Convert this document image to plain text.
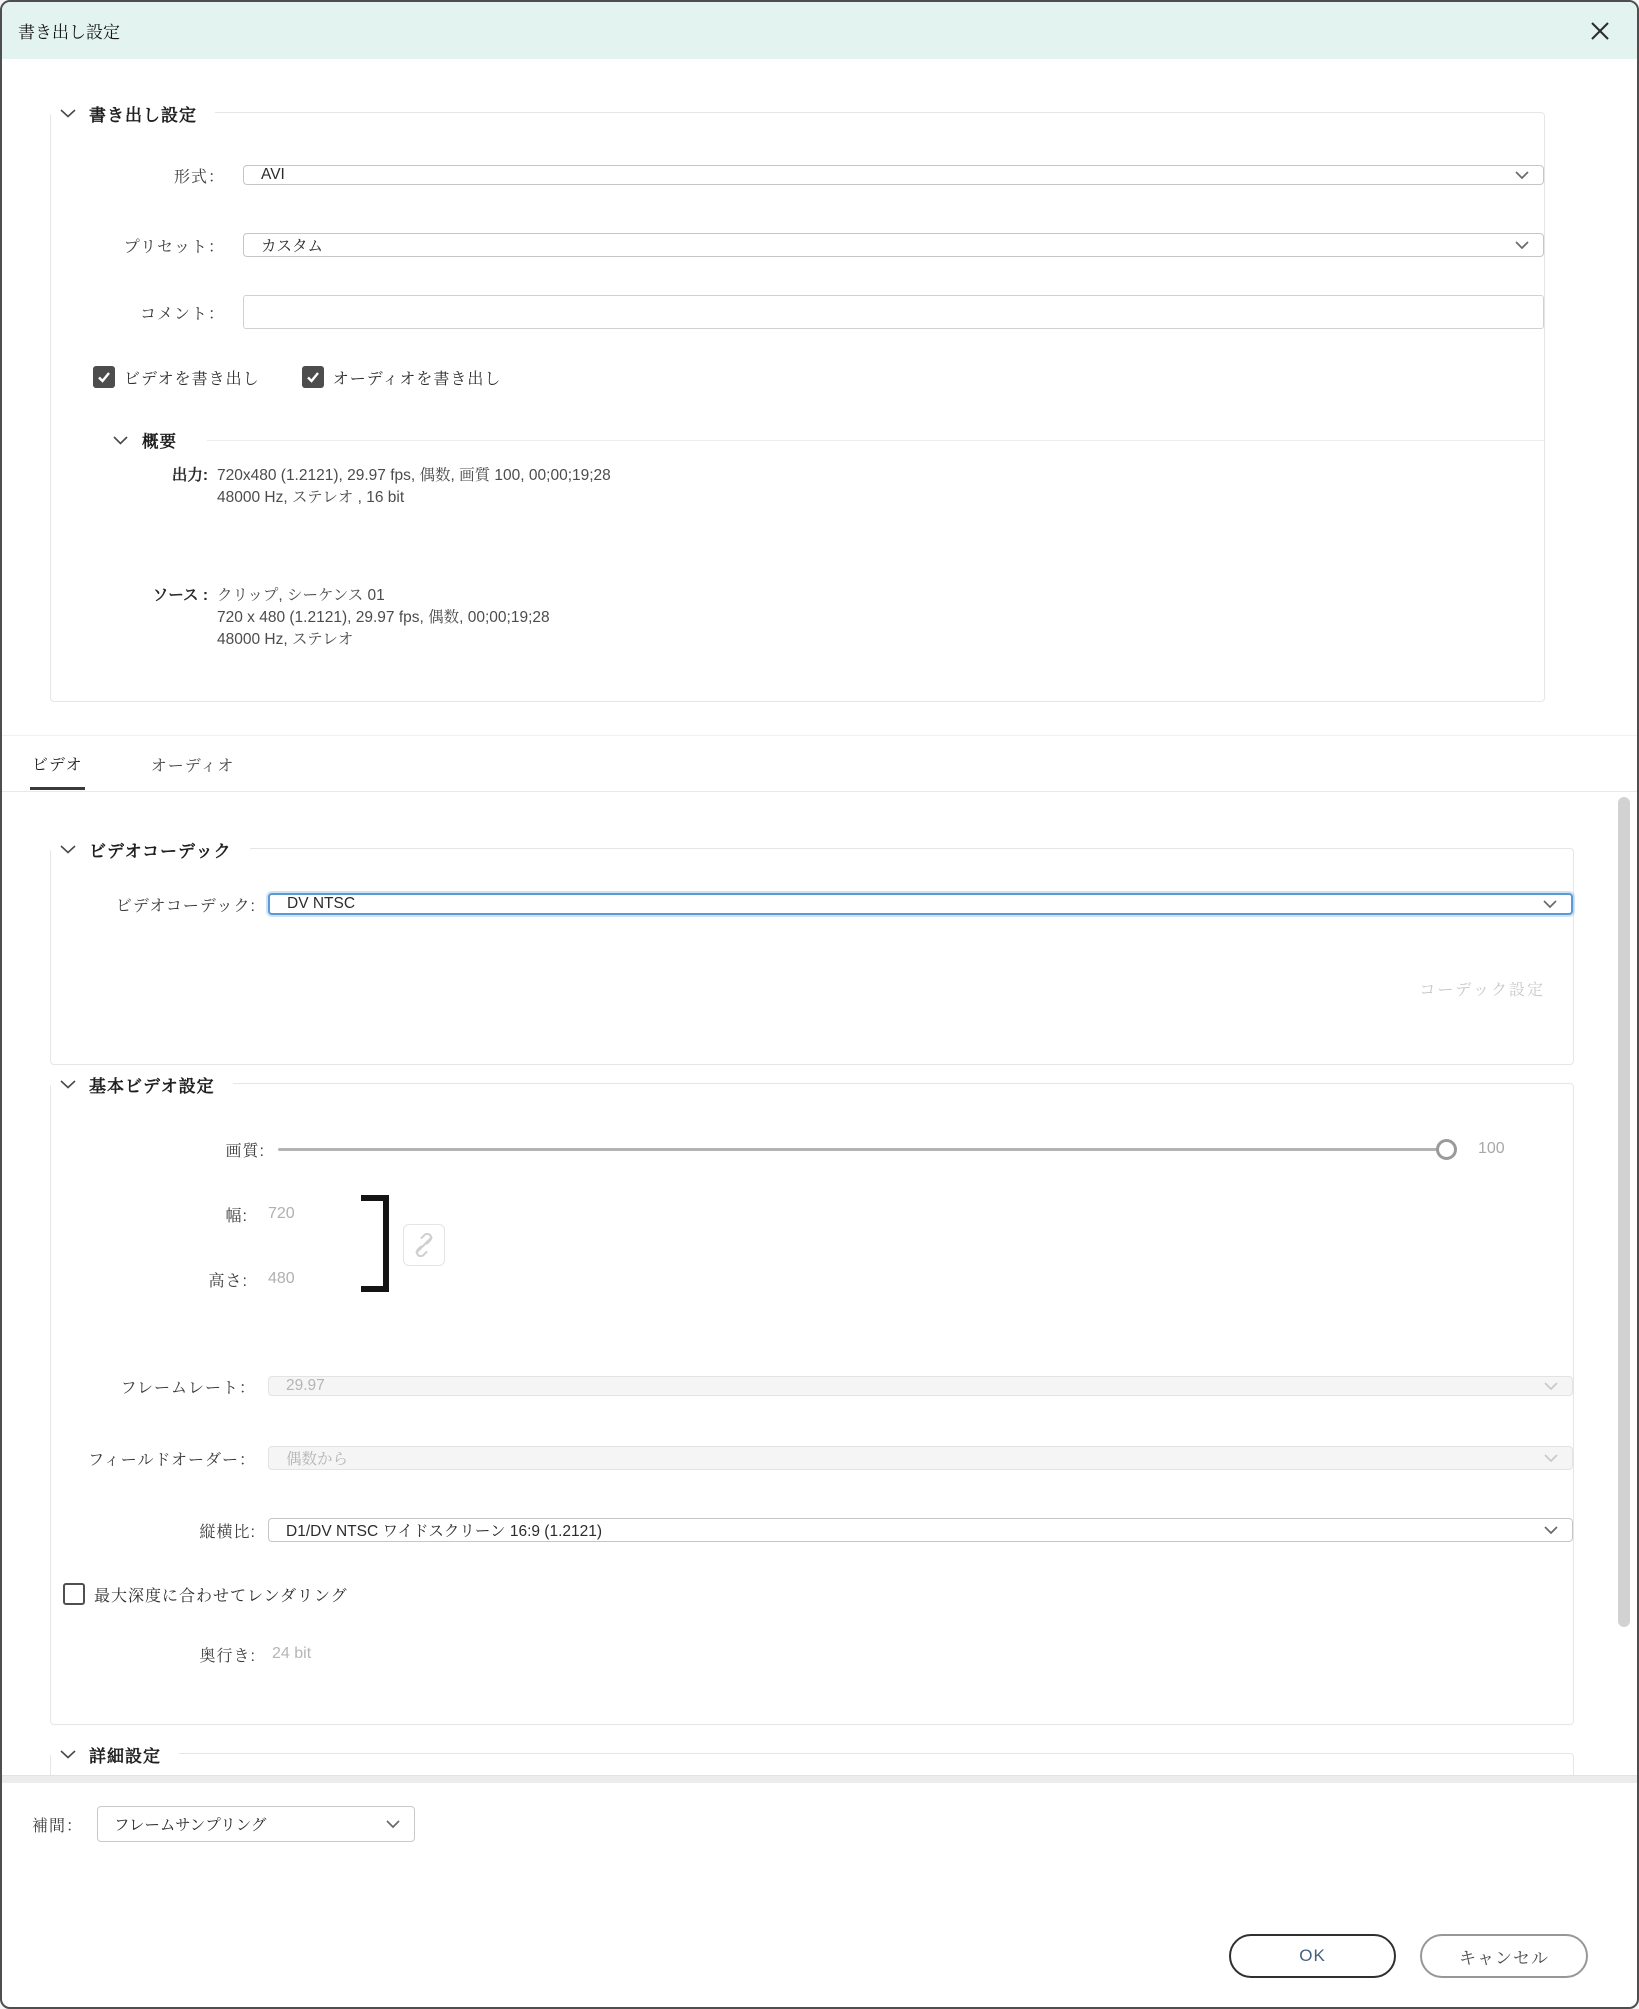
書き出し設定
書き出し設定
形式： AVI
プリセット： カスタム
コメント：
ビデオを書き出し	オーディオを書き出し
概要
出力: 720x480 (1.2121), 29.97 fps, 偶数, 画質 100, 00;00;19;28
48000 Hz, ステレオ , 16 bit
ソース : クリップ, シーケンス 01
720 x 480 (1.2121), 29.97 fps, 偶数, 00;00;19;28
48000 Hz, ステレオ
ビデオ	オーディオ
ビデオコーデック
ビデオコーデック: DV NTSC
コーデック設定
基本ビデオ設定
画質:	100
幅: 720
高さ: 480
フレームレート： 29.97
フィールドオーダー： 偶数から
縦横比: D1/DV NTSC ワイドスクリーン 16:9 (1.2121)
最大深度に合わせてレンダリング
奥行き: 24 bit
詳細設定
補間： フレームサンプリング
OK	キャンセル
